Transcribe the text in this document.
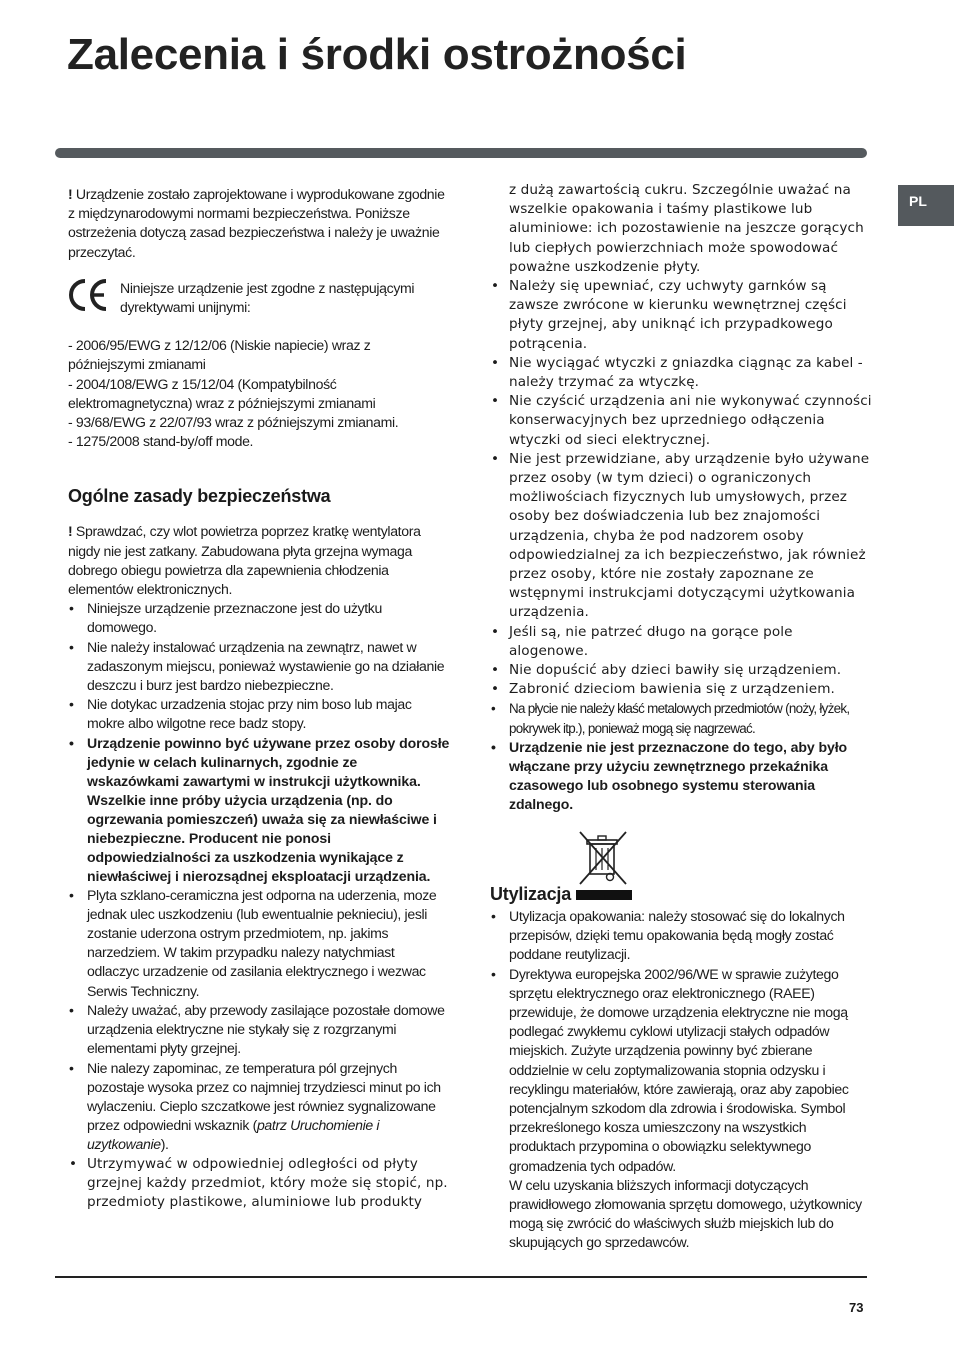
Zalecenia i środki ostrożności
PL

! Urządzenie zostało zaprojektowane i wyprodukowane zgodnie z międzynarodowymi normami bezpieczeństwa. Poniższe ostrzeżenia dotyczą zasad bezpieczeństwa i należy je uważnie przeczytać.

Niniejsze urządzenie jest zgodne z następującymi dyrektywami unijnymi:

- 2006/95/EWG z 12/12/06 (Niskie napiecie) wraz z późniejszymi zmianami

- 2004/108/EWG z 15/12/04 (Kompatybilność elektromagnetyczna) wraz z późniejszymi zmianami

- 93/68/EWG z 22/07/93 wraz z późniejszymi zmianami.

- 1275/2008 stand-by/off mode.

Ogólne zasady bezpieczeństwa

! Sprawdzać, czy wlot powietrza poprzez kratkę wentylatora nigdy nie jest zatkany. Zabudowana płyta grzejna wymaga dobrego obiegu powietrza dla zapewnienia chłodzenia elementów elektronicznych.

• Niniejsze urządzenie przeznaczone jest do użytku domowego.
• Nie należy instalować urządzenia na zewnątrz, nawet w zadaszonym miejscu, ponieważ wystawienie go na działanie deszczu i burz jest bardzo niebezpieczne.
• Nie dotykac urzadzenia stojac przy nim boso lub majac mokre albo wilgotne rece badz stopy.
• Urządzenie powinno być używane przez osoby dorosłe jedynie w celach kulinarnych, zgodnie ze wskazówkami zawartymi w instrukcji użytkownika. Wszelkie inne próby użycia urządzenia (np. do ogrzewania pomieszczeń) uważa się za niewłaściwe i niebezpieczne. Producent nie ponosi odpowiedzialności za uszkodzenia wynikające z niewłaściwej i nierozsądnej eksploatacji urządzenia.
• Plyta szklano-ceramiczna jest odporna na uderzenia, moze jednak ulec uszkodzeniu (lub ewentualnie peknieciu), jesli zostanie uderzona ostrym przedmiotem, np. jakims narzedziem. W takim przypadku nalezy natychmiast odlaczyc urzadzenie od zasilania elektrycznego i wezwac Serwis Techniczny.
• Należy uważać, aby przewody zasilające pozostałe domowe urządzenia elektryczne nie stykały się z rozgrzanymi elementami płyty grzejnej.
• Nie nalezy zapominac, ze temperatura pól grzejnych pozostaje wysoka przez co najmniej trzydziesci minut po ich wylaczeniu. Cieplo szczatkowe jest równiez sygnalizowane przez odpowiedni wskaznik (patrz Uruchomienie i uzytkowanie).
• Utrzymywać w odpowiedniej odległości od płyty grzejnej każdy przedmiot, który może się stopić, np. przedmioty plastikowe, aluminiowe lub produkty

z dużą zawartością cukru. Szczególnie uważać na wszelkie opakowania i taśmy plastikowe lub aluminiowe: ich pozostawienie na jeszcze gorących lub ciepłych powierzchniach może spowodować poważne uszkodzenie płyty.

• Należy się upewniać, czy uchwyty garnków są zawsze zwrócone w kierunku wewnętrznej części płyty grzejnej, aby uniknąć ich przypadkowego potrącenia.
• Nie wyciągać wtyczki z gniazdka ciągnąc za kabel - należy trzymać za wtyczkę.
• Nie czyścić urządzenia ani nie wykonywać czynności konserwacyjnych bez uprzedniego odłączenia wtyczki od sieci elektrycznej.
• Nie jest przewidziane, aby urządzenie było używane przez osoby (w tym dzieci) o ograniczonych możliwościach fizycznych lub umysłowych, przez osoby bez doświadczenia lub bez znajomości urządzenia, chyba że pod nadzorem osoby odpowiedzialnej za ich bezpieczeństwo, jak również przez osoby, które nie zostały zapoznane ze wstępnymi instrukcjami dotyczącymi użytkowania urządzenia.
• Jeśli są, nie patrzeć długo na gorące pole alogenowe.
• Nie dopuścić aby dzieci bawiły się urządzeniem.
• Zabronić dzieciom bawienia się z urządzeniem.
• Na płycie nie należy kłaść metalowych przedmiotów (noży, łyżek, pokrywek itp.), ponieważ mogą się nagrzewać.
• Urządzenie nie jest przeznaczone do tego, aby było włączane przy użyciu zewnętrznego przekaźnika czasowego lub osobnego systemu sterowania zdalnego.
Utylizacja
• Utylizacja opakowania: należy stosować się do lokalnych przepisów, dzięki temu opakowania będą mogły zostać poddane reutylizacji.
• Dyrektywa europejska 2002/96/WE w sprawie zużytego sprzętu elektrycznego oraz elektronicznego (RAEE) przewiduje, że domowe urządzenia elektryczne nie mogą podlegać zwykłemu cyklowi utylizacji stałych odpadów miejskich. Zużyte urządzenia powinny być zbierane oddzielnie w celu zoptymalizowania stopnia odzysku i recyklingu materiałów, które zawierają, oraz aby zapobiec potencjalnym szkodom dla zdrowia i środowiska. Symbol przekreślonego kosza umieszczony na wszystkich produktach przypomina o obowiązku selektywnego gromadzenia tych odpadów.

W celu uzyskania bliższych informacji dotyczących prawidłowego złomowania sprzętu domowego, użytkownicy mogą się zwrócić do właściwych służb miejskich lub do skupujących go sprzedawców.

73
